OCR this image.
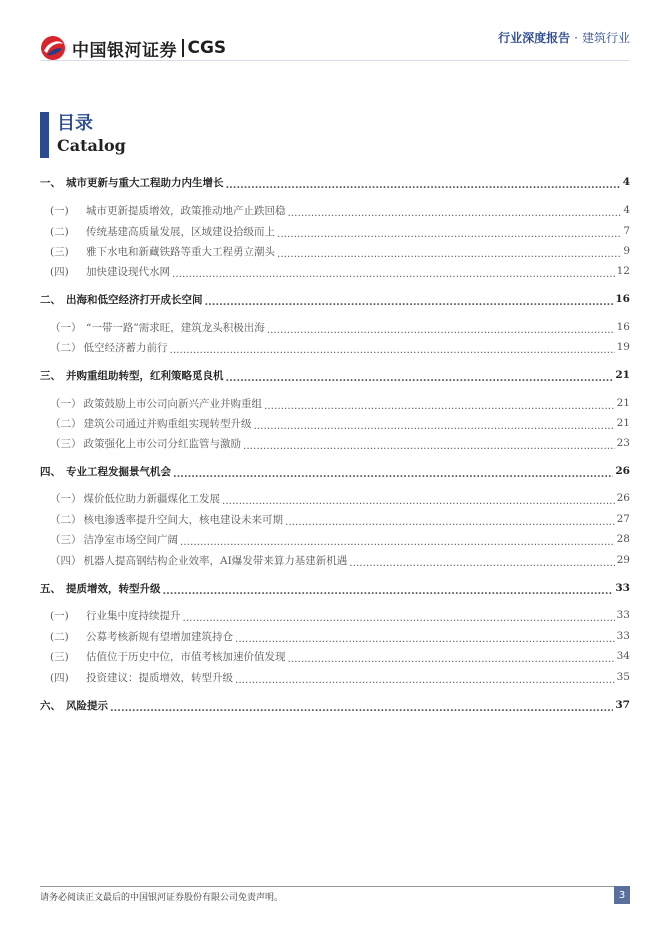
中国银河证券 CGS	行业深度报告 · 建筑行业
目录
Catalog
一、 城市更新与重大工程助力内生增长 .....	4
(一)	城市更新提质增效，政策推动地产止跌回稳 .....	4
(二)	传统基建高质量发展，区域建设拾级而上 .....	7
(三)	雅下水电和新藏铁路等重大工程勇立潮头 .....	9
(四)	加快建设现代水网 .....	12
二、 出海和低空经济打开成长空间 .....	16
（一） “一带一路”需求旺，建筑龙头积极出海 .....	16
（二） 低空经济蓄力前行 .....	19
三、 并购重组助转型，红利策略觅良机 .....	21
（一） 政策鼓励上市公司向新兴产业并购重组 .....	21
（二） 建筑公司通过并购重组实现转型升级 .....	21
（三） 政策强化上市公司分红监管与激励 .....	23
四、 专业工程发掘景气机会 .....	26
（一） 煤价低位助力新疆煤化工发展 .....	26
（二） 核电渗透率提升空间大，核电建设未来可期 .....	27
（三） 洁净室市场空间广阔 .....	28
（四） 机器人提高钢结构企业效率，AI爆发带来算力基建新机遇 .....	29
五、 提质增效，转型升级 .....	33
(一)	行业集中度持续提升 .....	33
(二)	公募考核新规有望增加建筑持仓 .....	33
(三)	估值位于历史中位，市值考核加速价值发现 .....	34
(四)	投资建议：提质增效，转型升级 .....	35
六、 风险提示 .....	37
请务必阅读正文最后的中国银河证券股份有限公司免责声明。	3
